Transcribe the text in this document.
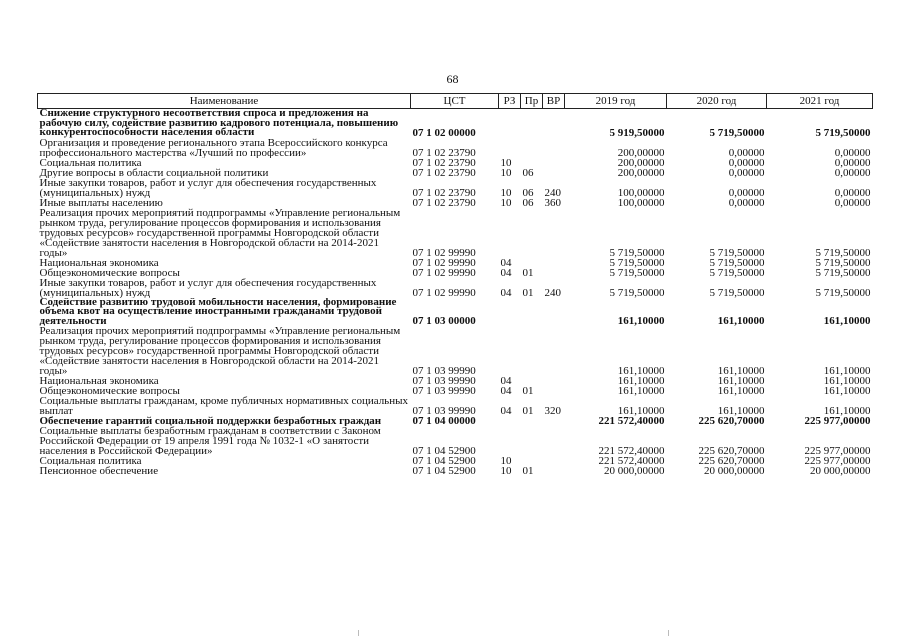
68
Наименование	ЦСТ	РЗ	Пр	ВР	2019 год	2020 год	2021 год
Снижение структурного несоответствия спроса и предложения на рабочую силу, содействие развитию кадрового потенциала, повышению конкурентоспособности населения области	07 1 02 00000				5 919,50000	5 719,50000	5 719,50000
Организация и проведение регионального этапа Всероссийского конкурса профессионального мастерства «Лучший по профессии»	07 1 02 23790				200,00000	0,00000	0,00000
Социальная политика	07 1 02 23790	10			200,00000	0,00000	0,00000
Другие вопросы в области социальной политики	07 1 02 23790	10	06		200,00000	0,00000	0,00000
Иные закупки товаров, работ и услуг для обеспечения государственных (муниципальных) нужд	07 1 02 23790	10	06	240	100,00000	0,00000	0,00000
Иные выплаты населению	07 1 02 23790	10	06	360	100,00000	0,00000	0,00000
Реализация прочих мероприятий подпрограммы «Управление региональным рынком труда, регулирование процессов формирования и использования трудовых ресурсов» государственной программы Новгородской области «Содействие занятости населения в Новгородской области на 2014-2021 годы»	07 1 02 99990				5 719,50000	5 719,50000	5 719,50000
Национальная экономика	07 1 02 99990	04			5 719,50000	5 719,50000	5 719,50000
Общеэкономические вопросы	07 1 02 99990	04	01		5 719,50000	5 719,50000	5 719,50000
Иные закупки товаров, работ и услуг для обеспечения государственных (муниципальных) нужд	07 1 02 99990	04	01	240	5 719,50000	5 719,50000	5 719,50000
Содействие развитию трудовой мобильности населения, формирование объема квот на осуществление иностранными гражданами трудовой деятельности	07 1 03 00000				161,10000	161,10000	161,10000
Реализация прочих мероприятий подпрограммы «Управление региональным рынком труда, регулирование процессов формирования и использования трудовых ресурсов» государственной программы Новгородской области «Содействие занятости населения в Новгородской области на 2014-2021 годы»	07 1 03 99990				161,10000	161,10000	161,10000
Национальная экономика	07 1 03 99990	04			161,10000	161,10000	161,10000
Общеэкономические вопросы	07 1 03 99990	04	01		161,10000	161,10000	161,10000
Социальные выплаты гражданам, кроме публичных нормативных социальных выплат	07 1 03 99990	04	01	320	161,10000	161,10000	161,10000
Обеспечение гарантий социальной поддержки безработных граждан	07 1 04 00000				221 572,40000	225 620,70000	225 977,00000
Социальные выплаты безработным гражданам в соответствии с Законом Российской Федерации от 19 апреля 1991 года № 1032-1 «О занятости населения в Российской Федерации»	07 1 04 52900				221 572,40000	225 620,70000	225 977,00000
Социальная политика	07 1 04 52900	10			221 572,40000	225 620,70000	225 977,00000
Пенсионное обеспечение	07 1 04 52900	10	01		20 000,00000	20 000,00000	20 000,00000
